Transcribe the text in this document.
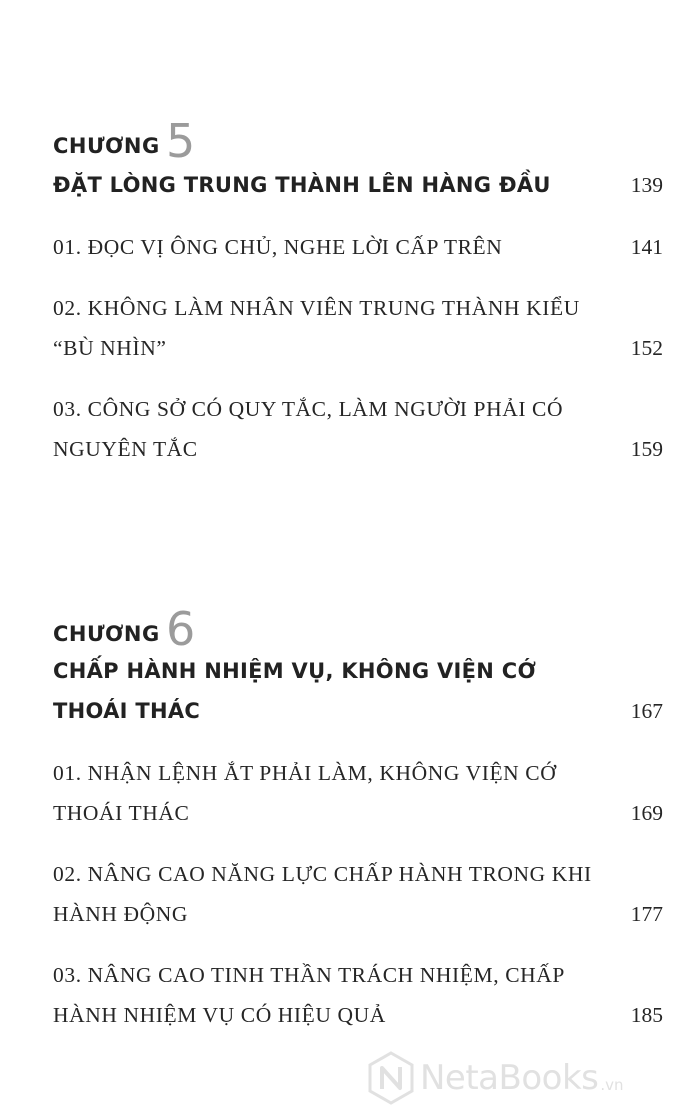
CHƯƠNG 5
ĐẶT LÒNG TRUNG THÀNH LÊN HÀNG ĐẦU	139
01. ĐỌC VỊ ÔNG CHỦ, NGHE LỜI CẤP TRÊN	141
02. KHÔNG LÀM NHÂN VIÊN TRUNG THÀNH KIỂU “BÙ NHÌN”	152
03. CÔNG SỞ CÓ QUY TẮC, LÀM NGƯỜI PHẢI CÓ NGUYÊN TẮC	159
CHƯƠNG 6
CHẤP HÀNH NHIỆM VỤ, KHÔNG VIỆN CỚ THOÁI THÁC	167
01. NHẬN LỆNH ẮT PHẢI LÀM, KHÔNG VIỆN CỚ THOÁI THÁC	169
02. NÂNG CAO NĂNG LỰC CHẤP HÀNH TRONG KHI HÀNH ĐỘNG	177
03. NÂNG CAO TINH THẦN TRÁCH NHIỆM, CHẤP HÀNH NHIỆM VỤ CÓ HIỆU QUẢ	185
NetaBooks .vn
